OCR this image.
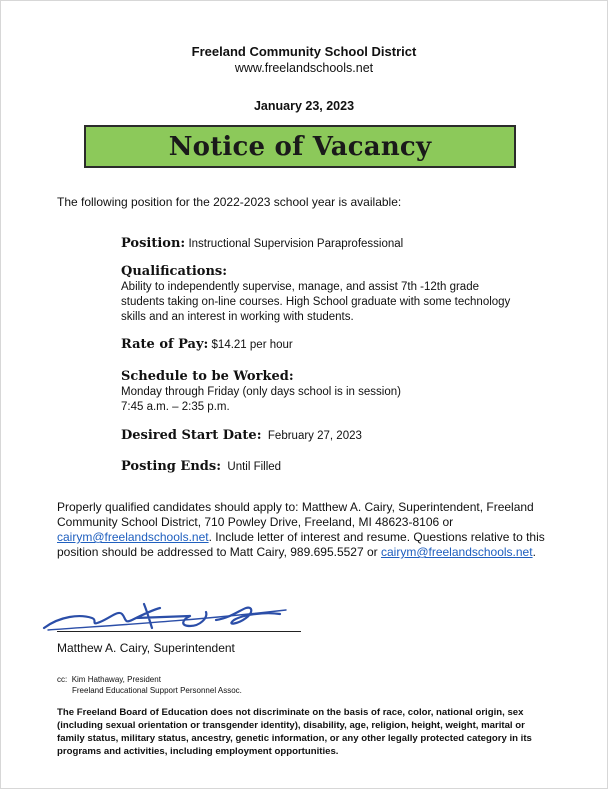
Freeland Community School District
www.freelandschools.net
January 23, 2023
Notice of Vacancy
The following position for the 2022-2023 school year is available:
Position: Instructional Supervision Paraprofessional
Qualifications:
Ability to independently supervise, manage, and assist 7th -12th grade
students taking on-line courses. High School graduate with some technology
skills and an interest in working with students.
Rate of Pay: $14.21 per hour
Schedule to be Worked:
Monday through Friday (only days school is in session)
7:45 a.m. – 2:35 p.m.
Desired Start Date: February 27, 2023
Posting Ends: Until Filled
Properly qualified candidates should apply to: Matthew A. Cairy, Superintendent, Freeland
Community School District, 710 Powley Drive, Freeland, MI 48623-8106 or
cairym@freelandschools.net. Include letter of interest and resume. Questions relative to this
position should be addressed to Matt Cairy, 989.695.5527 or cairym@freelandschools.net.
Matthew A. Cairy, Superintendent
cc: Kim Hathaway, President
Freeland Educational Support Personnel Assoc.
The Freeland Board of Education does not discriminate on the basis of race, color, national origin, sex (including sexual orientation or transgender identity), disability, age, religion, height, weight, marital or family status, military status, ancestry, genetic information, or any other legally protected category in its programs and activities, including employment opportunities.
